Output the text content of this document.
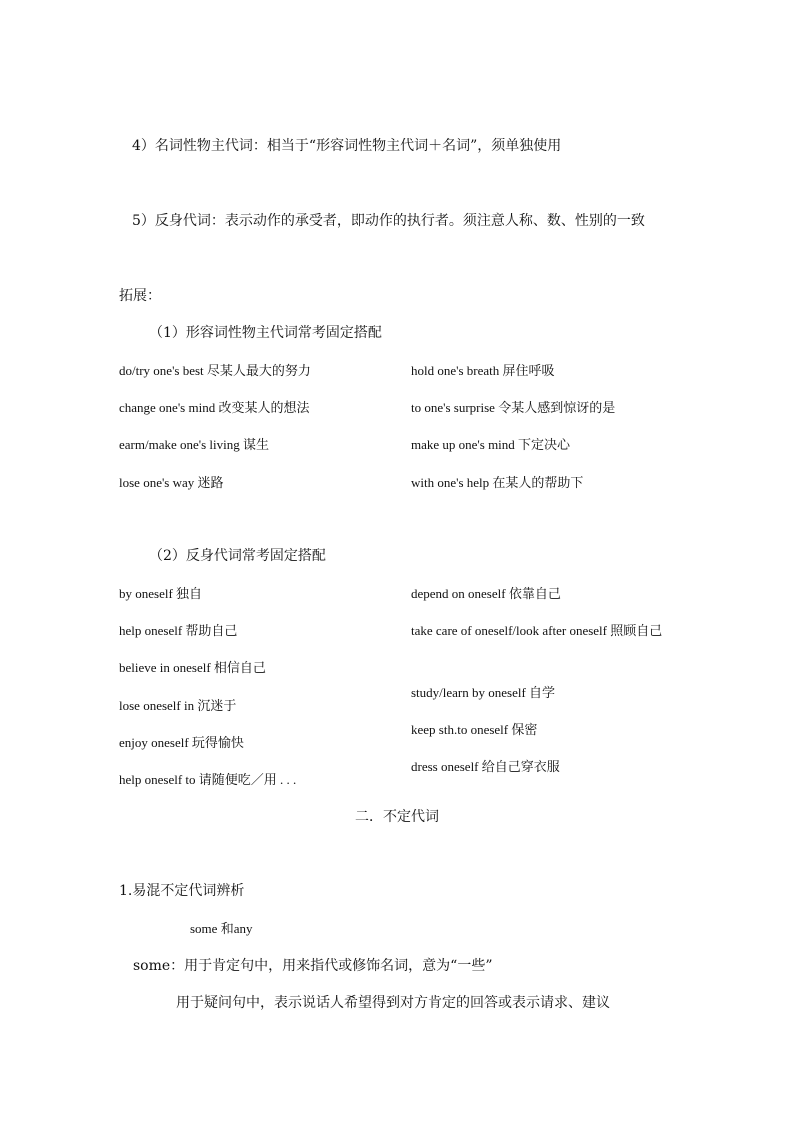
4）名词性物主代词：相当于“形容词性物主代词＋名词”，须单独使用
5）反身代词：表示动作的承受者，即动作的执行者。须注意人称、数、性别的一致
拓展：
（1）形容词性物主代词常考固定搭配
do/try one's best 尽某人最大的努力
change one's mind 改变某人的想法
earm/make one's living 谋生
lose one's way 迷路
hold one's breath 屏住呼吸
to one's surprise 令某人感到惊讶的是
make up one's mind 下定决心
with one's help 在某人的帮助下
（2）反身代词常考固定搭配
by oneself 独自
help oneself 帮助自己
believe in oneself 相信自己
lose oneself in 沉迷于
enjoy oneself 玩得愉快
help oneself to 请随便吃／用 . . .
depend on oneself 依靠自己
take care of oneself/look after oneself 照顾自己
study/learn by oneself 自学
keep sth.to oneself 保密
dress oneself 给自己穿衣服
二．不定代词
1.易混不定代词辨析
some 和any
some：用于肯定句中，用来指代或修饰名词，意为“一些”
用于疑问句中，表示说话人希望得到对方肯定的回答或表示请求、建议
